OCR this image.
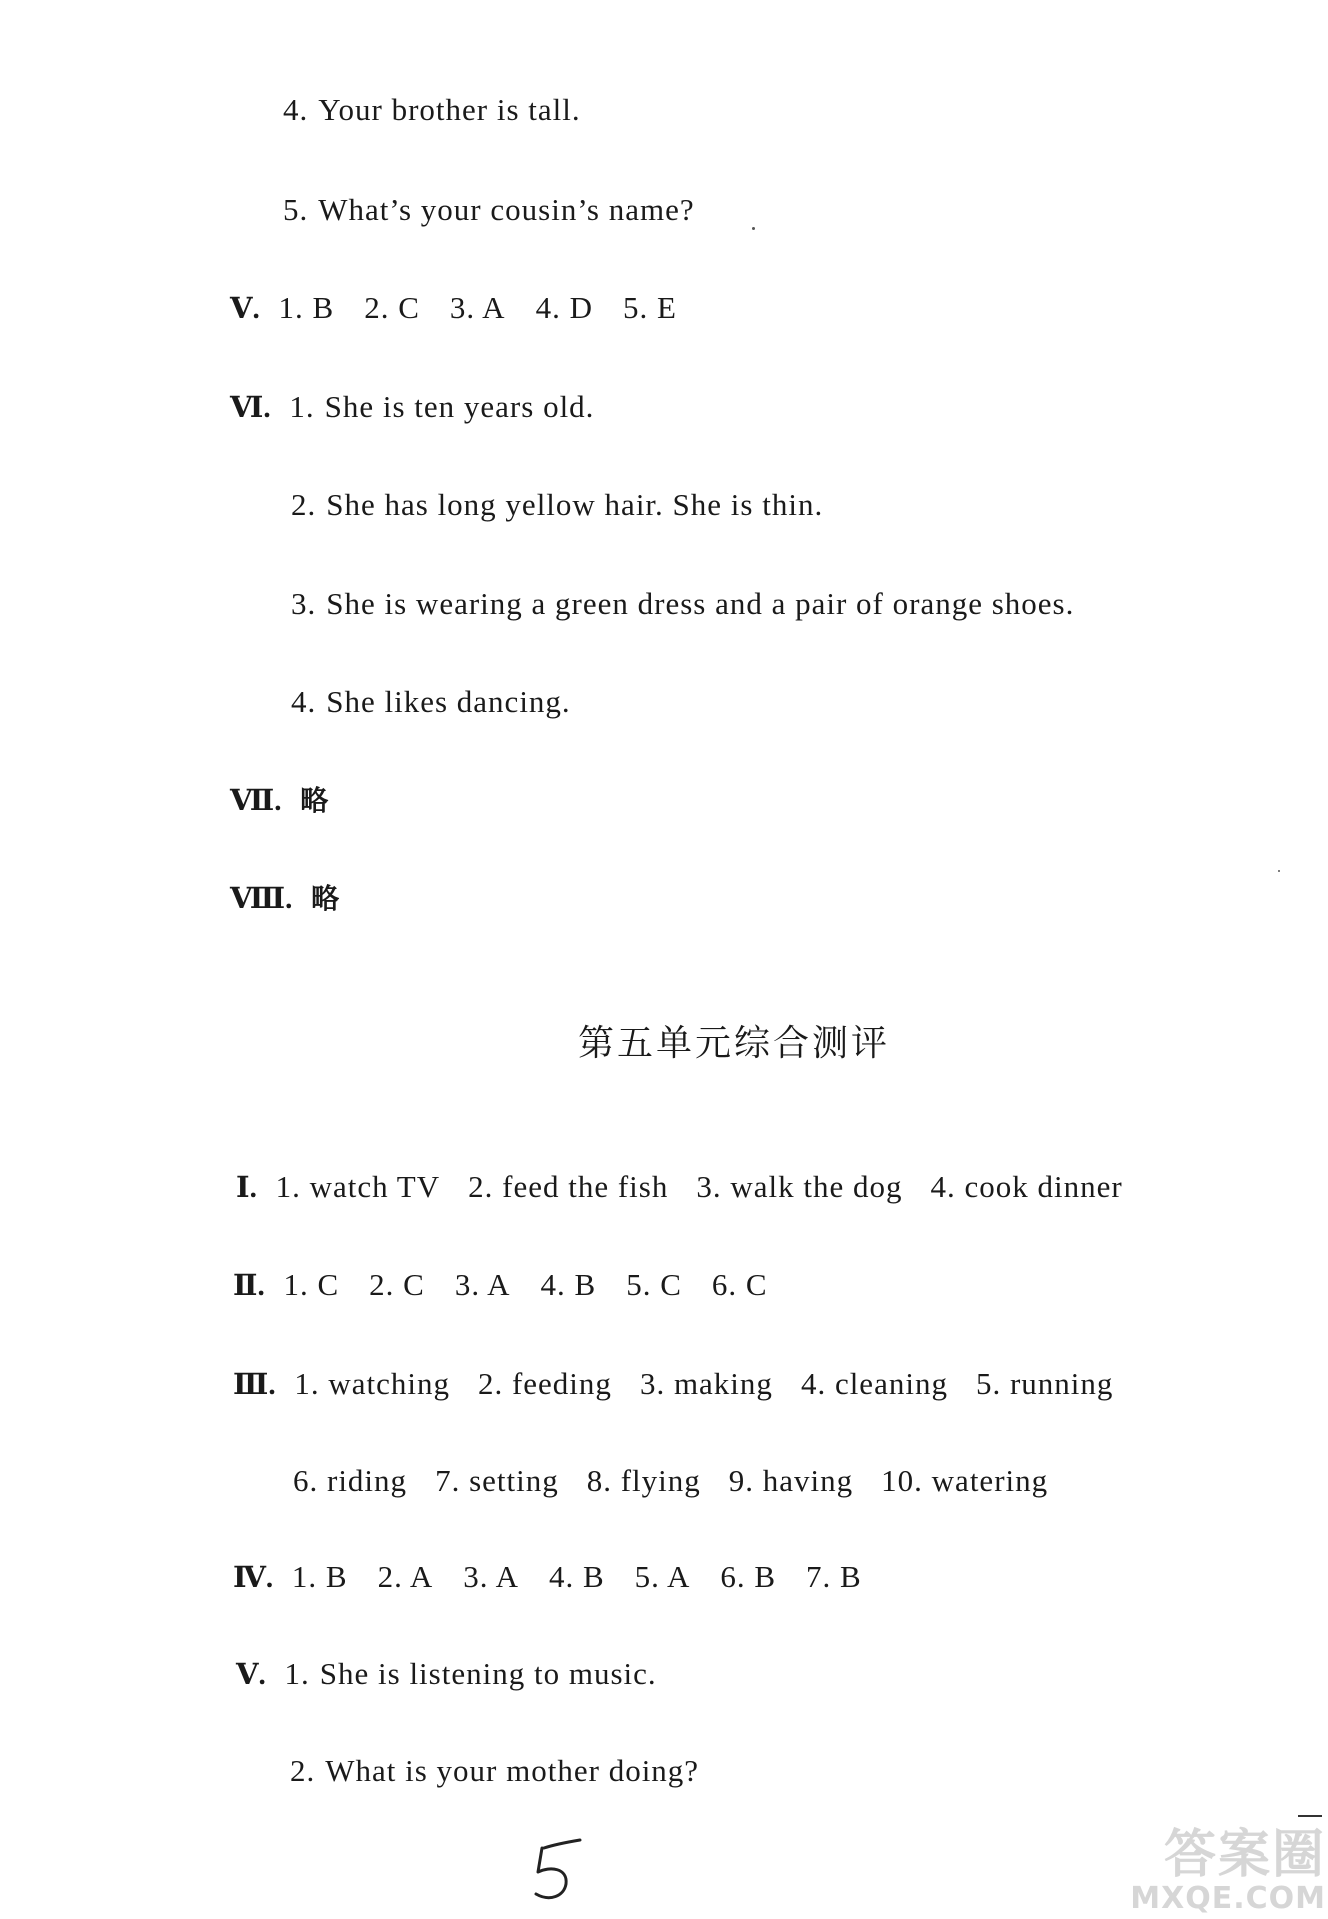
4. Your brother is tall.
5. What’s your cousin’s name?
Ⅴ. 1. B 2. C 3. A 4. D 5. E
Ⅵ. 1. She is ten years old.
2. She has long yellow hair. She is thin.
3. She is wearing a green dress and a pair of orange shoes.
4. She likes dancing.
Ⅶ. 略
Ⅷ. 略
第五单元综合测评
Ⅰ. 1. watch TV 2. feed the fish 3. walk the dog 4. cook dinner
Ⅱ. 1. C 2. C 3. A 4. B 5. C 6. C
Ⅲ. 1. watching 2. feeding 3. making 4. cleaning 5. running
6. riding 7. setting 8. flying 9. having 10. watering
Ⅳ. 1. B 2. A 3. A 4. B 5. A 6. B 7. B
Ⅴ. 1. She is listening to music.
2. What is your mother doing?
答案圈
MXQE.COM
